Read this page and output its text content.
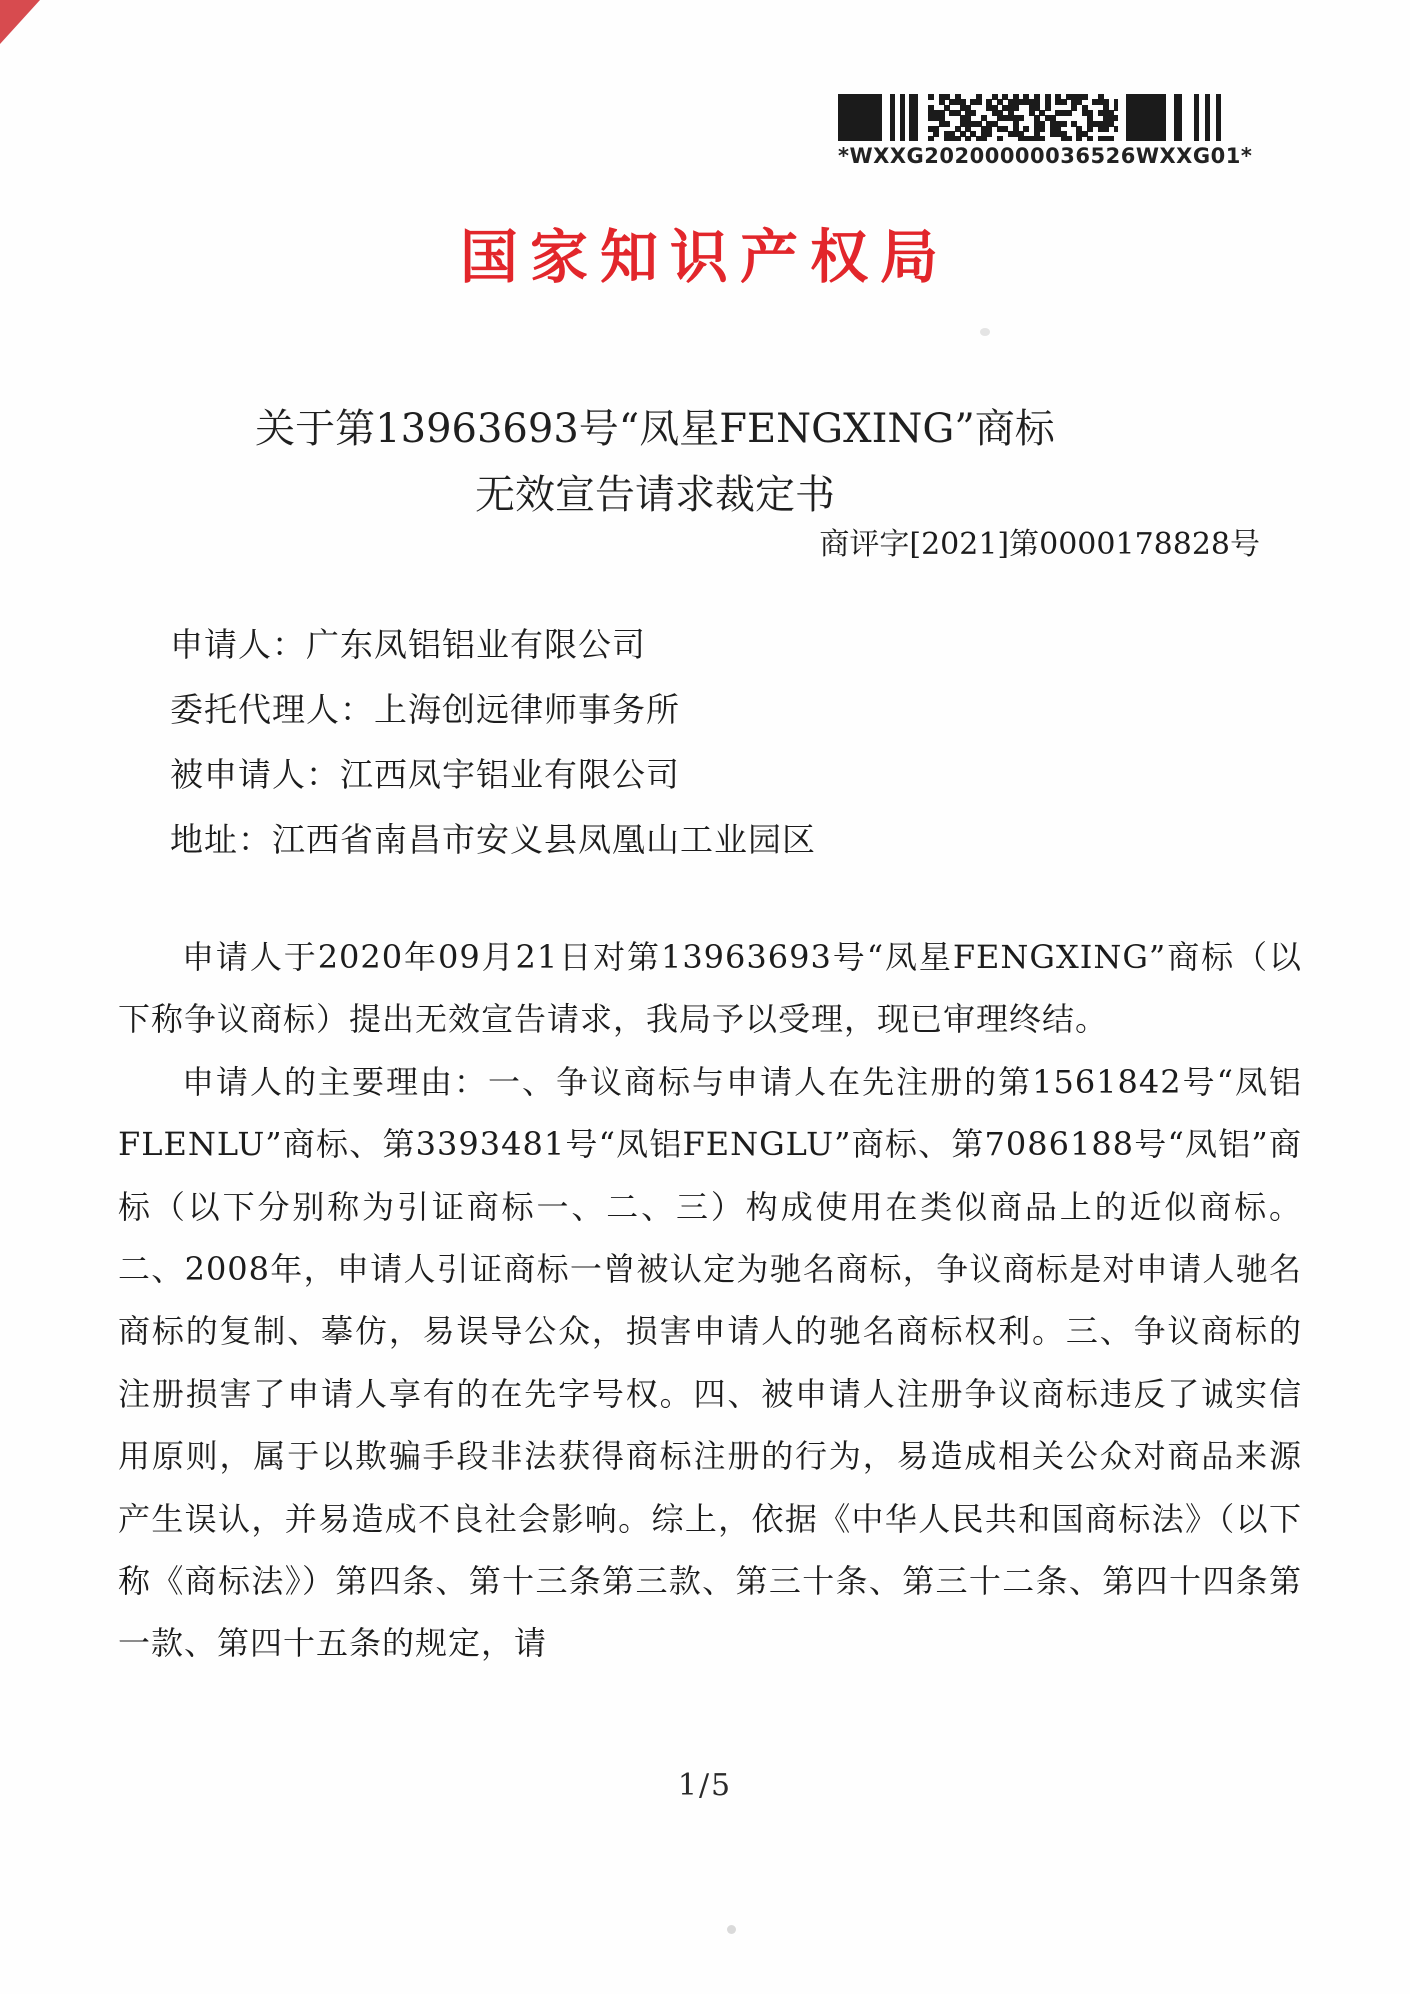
*WXXG20200000036526WXXG01*
国家知识产权局
关于第13963693号“凤星FENGXING”商标
无效宣告请求裁定书
商评字[2021]第0000178828号
申请人：广东凤铝铝业有限公司
委托代理人：上海创远律师事务所
被申请人：江西凤宇铝业有限公司
地址：江西省南昌市安义县凤凰山工业园区

申请人于2020年09月21日对第13963693号“凤星FENGXING”商标（以下称争议商标）提出无效宣告请求，我局予以受理，现已审理终结。

申请人的主要理由：一、争议商标与申请人在先注册的第1561842号“凤铝 FLENLU”商标、第3393481号“凤铝FENGLU”商标、第7086188号“凤铝”商标（以下分别称为引证商标一、二、三）构成使用在类似商品上的近似商标。二、2008年，申请人引证商标一曾被认定为驰名商标，争议商标是对申请人驰名商标的复制、摹仿，易误导公众，损害申请人的驰名商标权利。三、争议商标的注册损害了申请人享有的在先字号权。四、被申请人注册争议商标违反了诚实信用原则，属于以欺骗手段非法获得商标注册的行为，易造成相关公众对商品来源产生误认，并易造成不良社会影响。综上，依据《中华人民共和国商标法》（以下称《商标法》）第四条、第十三条第三款、第三十条、第三十二条、第四十四条第一款、第四十五条的规定，请

1/5
